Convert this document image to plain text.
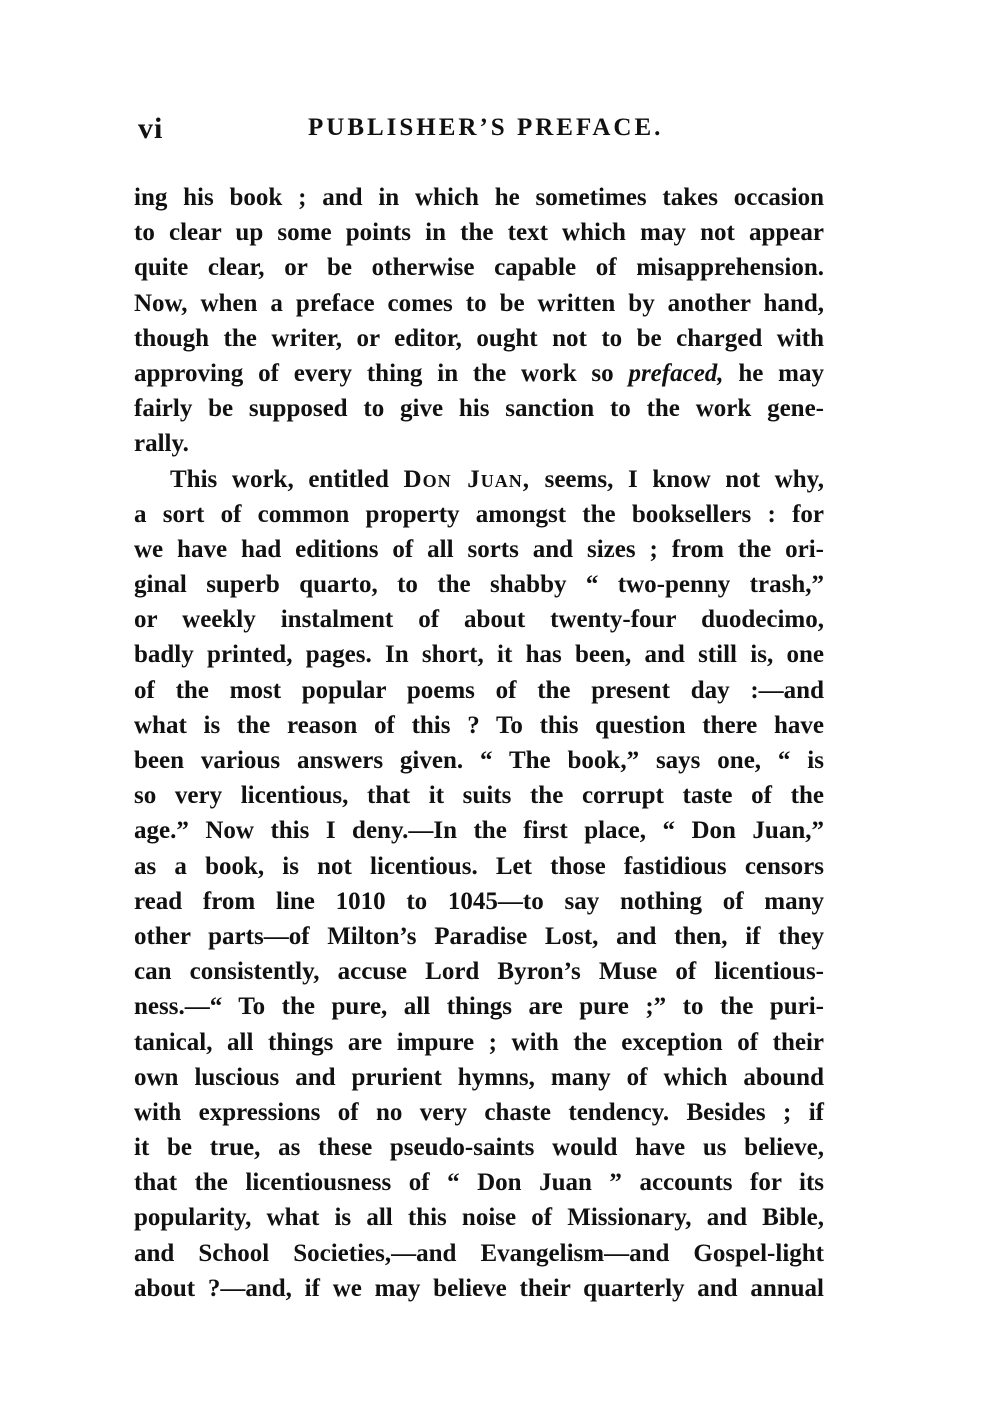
vi	PUBLISHER’S PREFACE.
ing his book ; and in which he sometimes takes occasion
to clear up some points in the text which may not appear
quite clear, or be otherwise capable of misapprehension.
Now, when a preface comes to be written by another hand,
though the writer, or editor, ought not to be charged with
approving of every thing in the work so prefaced, he may
fairly be supposed to give his sanction to the work gene-
rally.
This work, entitled Don Juan, seems, I know not why,
a sort of common property amongst the booksellers : for
we have had editions of all sorts and sizes ; from the ori-
ginal superb quarto, to the shabby “ two-penny trash,”
or weekly instalment of about twenty-four duodecimo,
badly printed, pages. In short, it has been, and still is, one
of the most popular poems of the present day :—and
what is the reason of this ? To this question there have
been various answers given. “ The book,” says one, “ is
so very licentious, that it suits the corrupt taste of the
age.” Now this I deny.—In the first place, “ Don Juan,”
as a book, is not licentious. Let those fastidious censors
read from line 1010 to 1045—to say nothing of many
other parts—of Milton’s Paradise Lost, and then, if they
can consistently, accuse Lord Byron’s Muse of licentious-
ness.—“ To the pure, all things are pure ;” to the puri-
tanical, all things are impure ; with the exception of their
own luscious and prurient hymns, many of which abound
with expressions of no very chaste tendency. Besides ; if
it be true, as these pseudo-saints would have us believe,
that the licentiousness of “ Don Juan ” accounts for its
popularity, what is all this noise of Missionary, and Bible,
and School Societies,—and Evangelism—and Gospel-light
about ?—and, if we may believe their quarterly and annual
